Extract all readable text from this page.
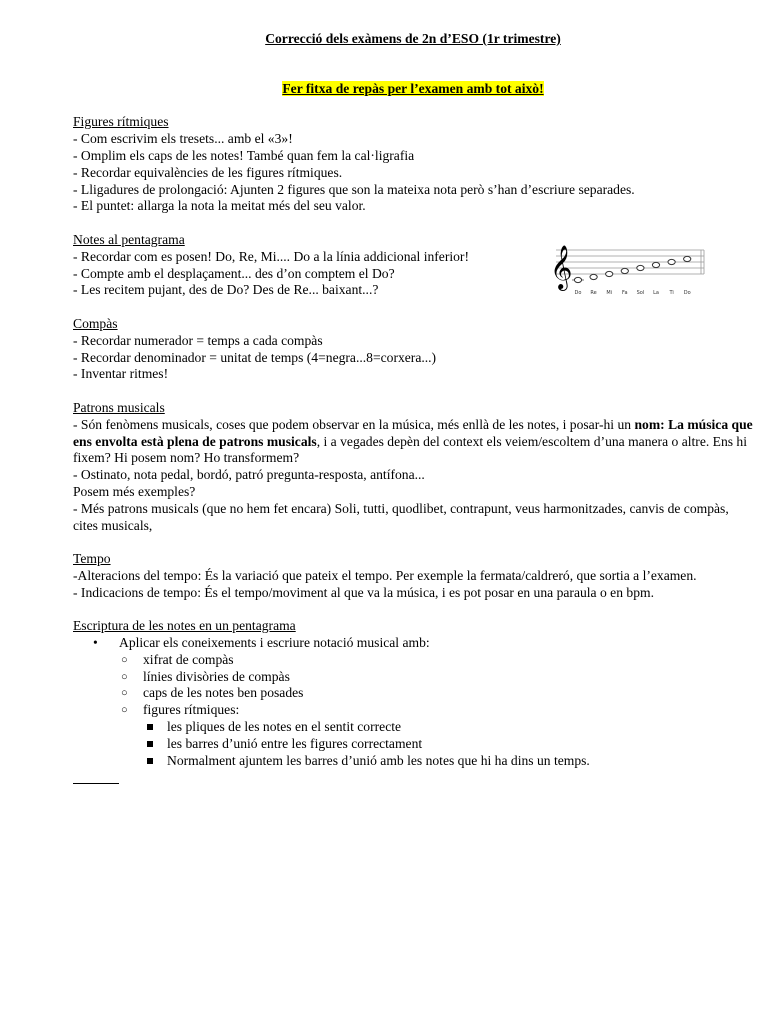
Correcció dels exàmens de 2n d’ESO (1r trimestre)

Fer fitxa de repàs per l’examen amb tot això!
Figures rítmiques
- Com escrivim els tresets... amb el «3»!
- Omplim els caps de les notes! També quan fem la cal·ligrafia
- Recordar equivalències de les figures rítmiques.
- Lligadures de prolongació: Ajunten 2 figures que son la mateixa nota però s’han d’escriure separades.
- El puntet: allarga la nota la meitat més del seu valor.
Notes al pentagrama
- Recordar com es posen! Do, Re, Mi.... Do a la línia addicional inferior!
- Compte amb el desplaçament... des d’on comptem el Do?
- Les recitem pujant, des de Do? Des de Re... baixant...?
Compàs
- Recordar numerador = temps a cada compàs
- Recordar denominador = unitat de temps (4=negra...8=corxera...)
- Inventar ritmes!
Patrons musicals
- Són fenòmens musicals, coses que podem observar en la música, més enllà de les notes, i posar-hi un nom: La música que ens envolta està plena de patrons musicals, i a vegades depèn del context els veiem/escoltem d’una manera o altre. Ens hi fixem? Hi posem nom? Ho transformem?
- Ostinato, nota pedal, bordó, patró pregunta-resposta, antífona...
Posem més exemples?
- Més patrons musicals (que no hem fet encara) Soli, tutti, quodlibet, contrapunt, veus harmonitzades, canvis de compàs, cites musicals,
Tempo
-Alteracions del tempo: És la variació que pateix el tempo. Per exemple la fermata/caldreró, que sortia a l’examen.
- Indicacions de tempo: És el tempo/moviment al que va la música, i es pot posar en una paraula o en bpm.
Escriptura de les notes en un pentagrama
• Aplicar els coneixements i escriure notació musical amb:
○ xifrat de compàs
○ línies divisòries de compàs
○ caps de les notes ben posades
○ figures rítmiques:
les pliques de les notes en el sentit correcte
les barres d’unió entre les figures correctament
Normalment ajuntem les barres d’unió amb les notes que hi ha dins un temps.
𝄞
Do Re Mi Fa Sol La Ti Do
